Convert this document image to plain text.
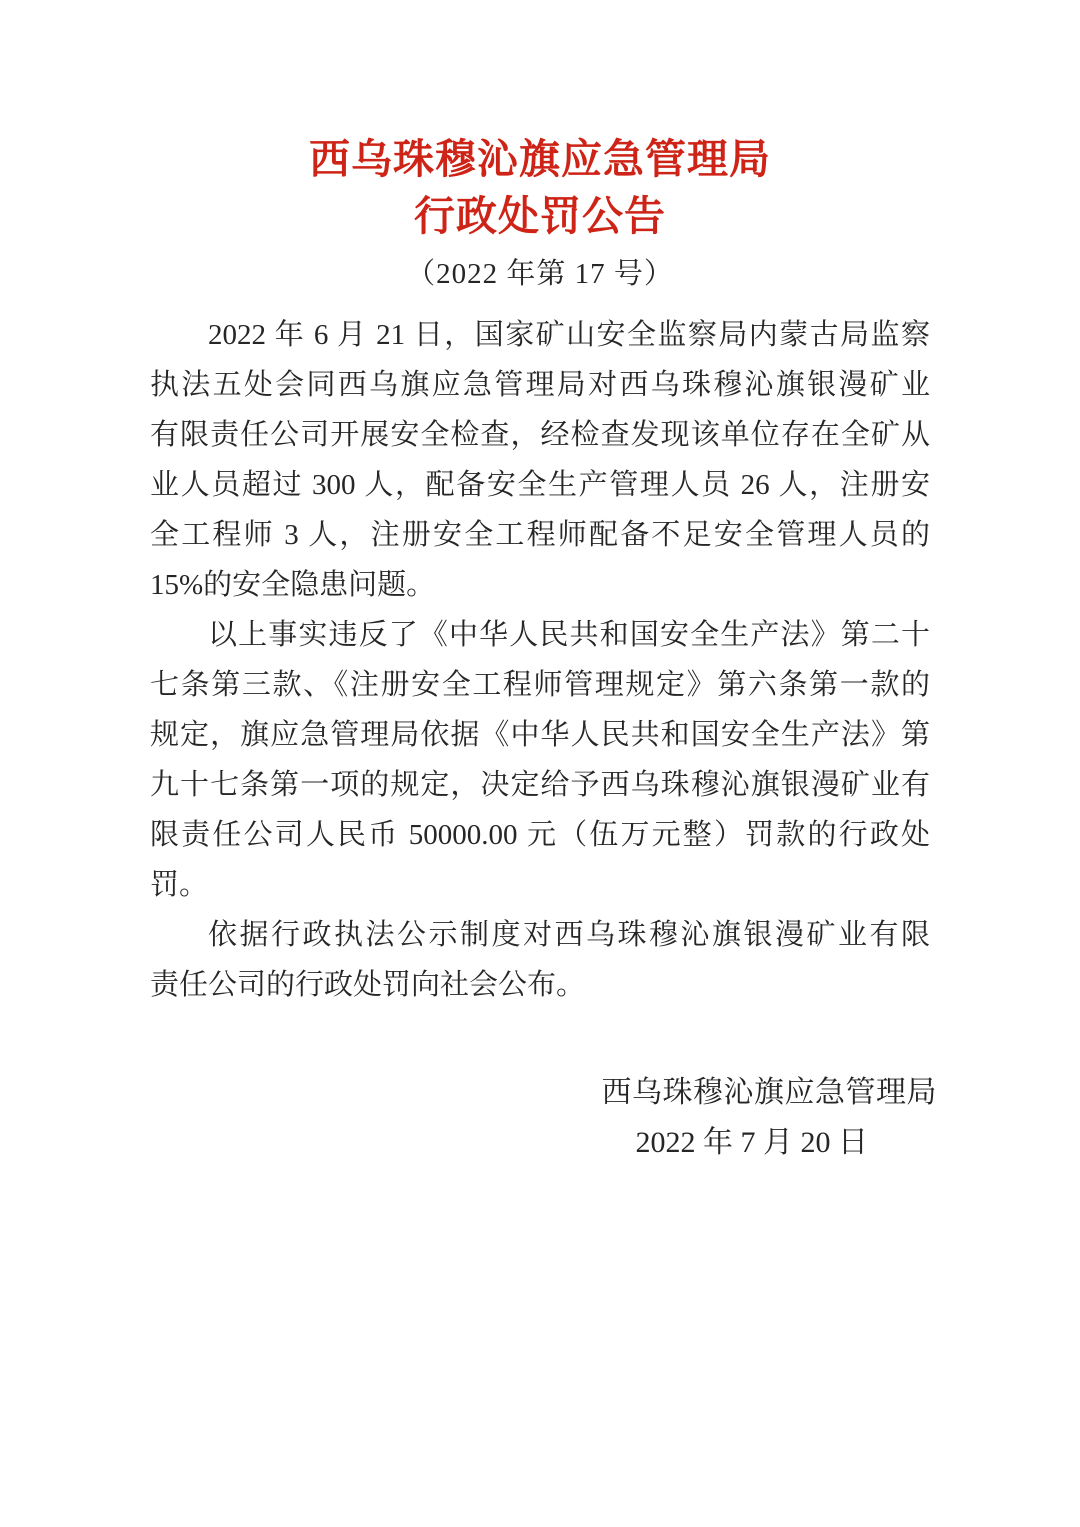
西乌珠穆沁旗应急管理局
行政处罚公告
（2022 年第 17 号）
2022 年 6 月 21 日，国家矿山安全监察局内蒙古局监察
执法五处会同西乌旗应急管理局对西乌珠穆沁旗银漫矿业
有限责任公司开展安全检查，经检查发现该单位存在全矿从
业人员超过 300 人，配备安全生产管理人员 26 人，注册安
全工程师 3 人，注册安全工程师配备不足安全管理人员的
15%的安全隐患问题。
以上事实违反了《中华人民共和国安全生产法》第二十
七条第三款、《注册安全工程师管理规定》第六条第一款的
规定，旗应急管理局依据《中华人民共和国安全生产法》第
九十七条第一项的规定，决定给予西乌珠穆沁旗银漫矿业有
限责任公司人民币 50000.00 元（伍万元整）罚款的行政处
罚。
依据行政执法公示制度对西乌珠穆沁旗银漫矿业有限
责任公司的行政处罚向社会公布。
西乌珠穆沁旗应急管理局
2022 年 7 月 20 日
